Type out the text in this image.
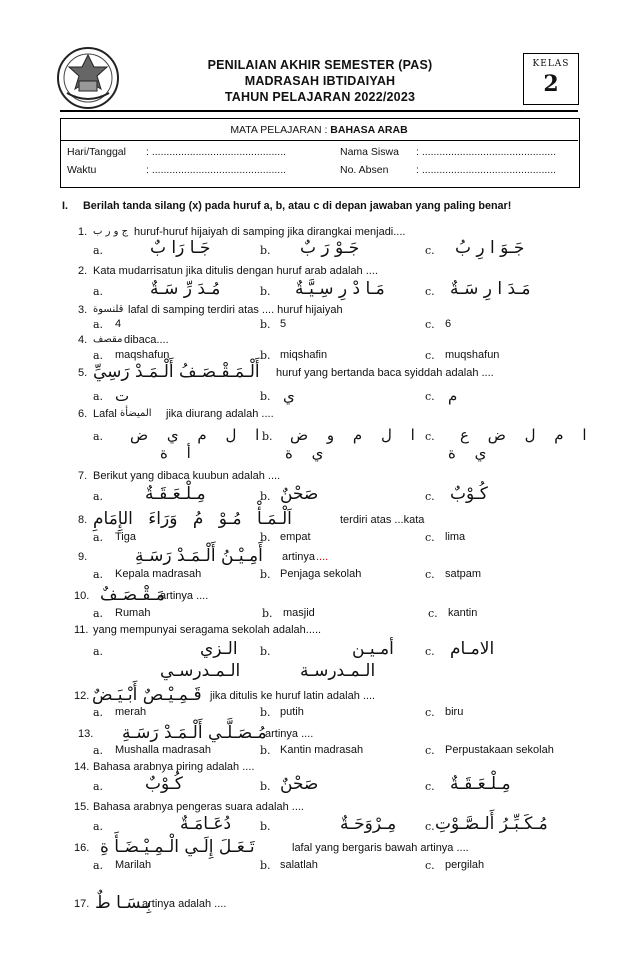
PENILAIAN AKHIR SEMESTER (PAS)
MADRASAH IBTIDAIYAH
TAHUN PELAJARAN 2022/2023
KELAS
2
MATA PELAJARAN : BAHASA ARAB
Hari/Tanggal : ..............................................	Nama Siswa : ..............................................
Waktu	: ..............................................	No. Absen	: ..............................................
I. Berilah tanda silang (x) pada huruf a, b, atau c di depan jawaban yang paling benar!
1. ج و ر ب huruf-huruf hijaiyah di samping jika dirangkai menjadi....
a.	جَـا رَا بٌ	b. جَـوْ رَ بٌ	c. جَـوَ ا رِ بُ
2. Kata mudarrisatun jika ditulis dengan huruf arab adalah ....
a.	مُـدَ رِّ سَـةٌ	b. مَـا دْ رِ سِـيَّـةٌ	c. مَـدَ ا رِ سَـةٌ
3. قلنسوة lafal di samping terdiri atas .... huruf hijaiyah
a. 4	b. 5	c. 6
4. مقصف dibaca....
a. maqshafun	b. miqshafin	c. muqshafun
5. أَلْـمَـقْـصَـفُ أَلْـمَـدْ رَسِيِّ huruf yang bertanda baca syiddah adalah ....
a. ت	b. ي	c. م
6. Lafal الميضأة jika diurang adalah ....
a. ا ل م ي ض
أ ة
b. ا ل م و ض
ي ة
c. ا م ل ض ع
ي ة
7. Berikut yang dibaca kuubun adalah ....
a. مِـلْـعَـقَـةٌ	b. صَحْنٌ	c. كُـوْبٌ
8. اَلْـمَـأْ مُـوْ مُ وَرَاءَ الإِمَامِ	terdiri atas ...kata
a. Tiga	b. empat	c. lima
9.	أَمِـيْـنُ أَلْـمَـدْ رَسَـةِ artinya ....
a. Kepala madrasah	b. Penjaga sekolah	c. satpam
10. مَـقْـصَـفٌ
artinya ....
a. Rumah	b. masjid	c. kantin
11. yang mempunyai seragama sekolah adalah.....
a.	الـزي
الـمـدرسـي
b.	أمـيـن
الـمـدرسـة
c. الامـام
12. قَـمِـيْـصٌ أَبْـيَـضٌ jika ditulis ke huruf latin adalah ....
a. merah	b. putih	c. biru
13. مُـصَـلَّـي أَلْـمَـدْ رَسَـةِ
artinya ....
a. Mushalla madrasah	b. Kantin madrasah	c. Perpustakaan sekolah
14. Bahasa arabnya piring adalah ....
a. كُـوْبٌ	b. صَحْنٌ	c. مِـلْـعَـقَـةٌ
15. Bahasa arabnya pengeras suara adalah ....
a.	دُعَـامَـةٌ	b.	مِـرْوَحَـةٌ	c. مُـكَـبِّـرُ أَلـصَّـوْتِ
16. تَـعَـلَ إِلَـي الْـمِـيْـضَـأَ ةِ	lafal yang bergaris bawah artinya ....
a. Marilah	b. salatlah	c. pergilah
17. بِـسَـا طٌ
artinya adalah ....
